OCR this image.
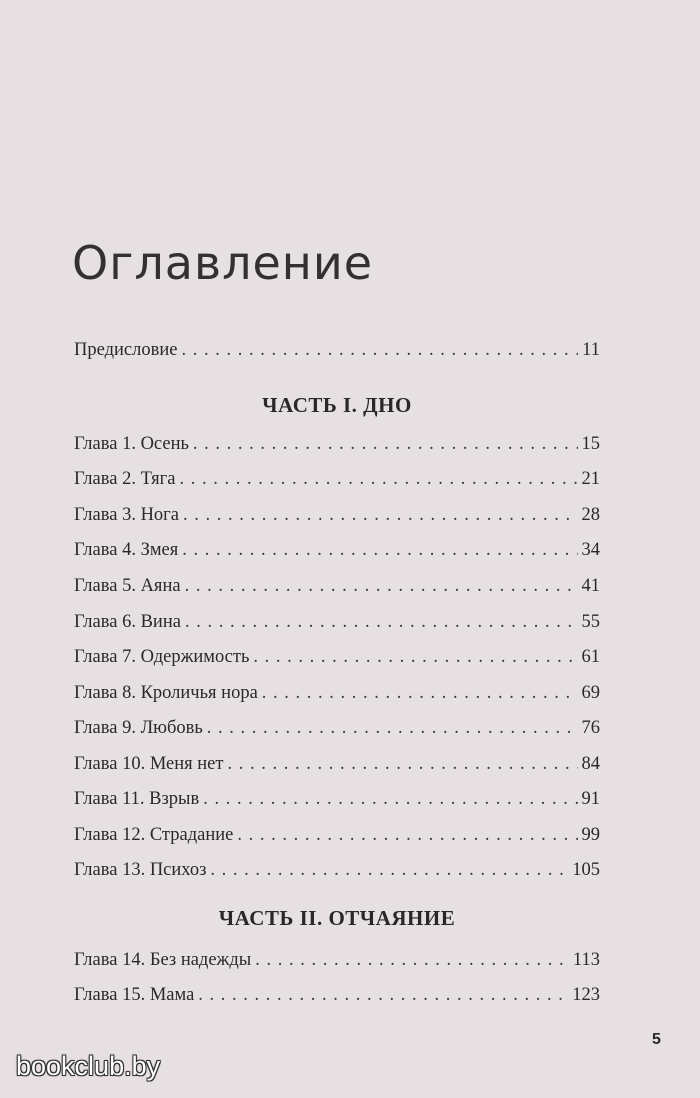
Оглавление
Предисловие . . .	11
ЧАСТЬ I. ДНО
Глава 1. Осень . . .	15
Глава 2. Тяга . . .	21
Глава 3. Нога . . .	28
Глава 4. Змея . . .	34
Глава 5. Аяна . . .	41
Глава 6. Вина . . .	55
Глава 7. Одержимость . . .	61
Глава 8. Кроличья нора . . .	69
Глава 9. Любовь . . .	76
Глава 10. Меня нет . . .	84
Глава 11. Взрыв . . .	91
Глава 12. Страдание . . .	99
Глава 13. Психоз . . .	105
ЧАСТЬ II. ОТЧАЯНИЕ
Глава 14. Без надежды . . .	113
Глава 15. Мама . . .	123
5
bookclub.by
